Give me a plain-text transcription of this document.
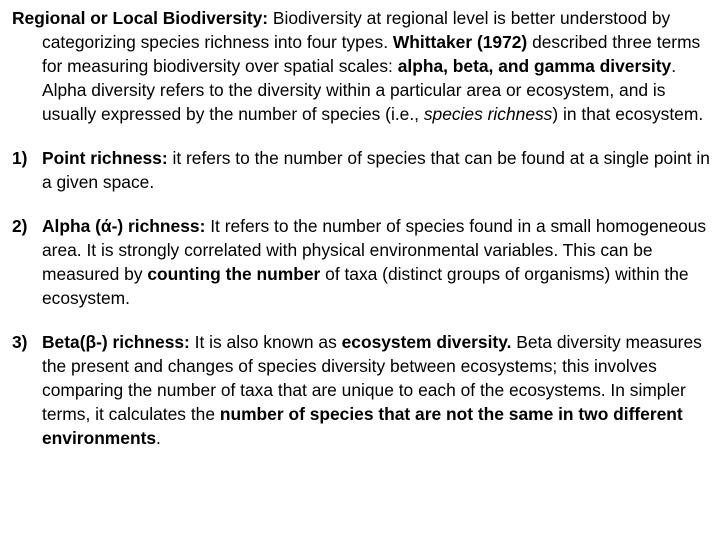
Regional or Local Biodiversity: Biodiversity at regional level is better understood by categorizing species richness into four types. Whittaker (1972) described three terms for measuring biodiversity over spatial scales: alpha, beta, and gamma diversity. Alpha diversity refers to the diversity within a particular area or ecosystem, and is usually expressed by the number of species (i.e., species richness) in that ecosystem.

1) Point richness: it refers to the number of species that can be found at a single point in a given space.
2) Alpha (ά-) richness: It refers to the number of species found in a small homogeneous area. It is strongly correlated with physical environmental variables. This can be measured by counting the number of taxa (distinct groups of organisms) within the ecosystem.
3) Beta(β-) richness: It is also known as ecosystem diversity. Beta diversity measures the present and changes of species diversity between ecosystems; this involves comparing the number of taxa that are unique to each of the ecosystems. In simpler terms, it calculates the number of species that are not the same in two different environments.
